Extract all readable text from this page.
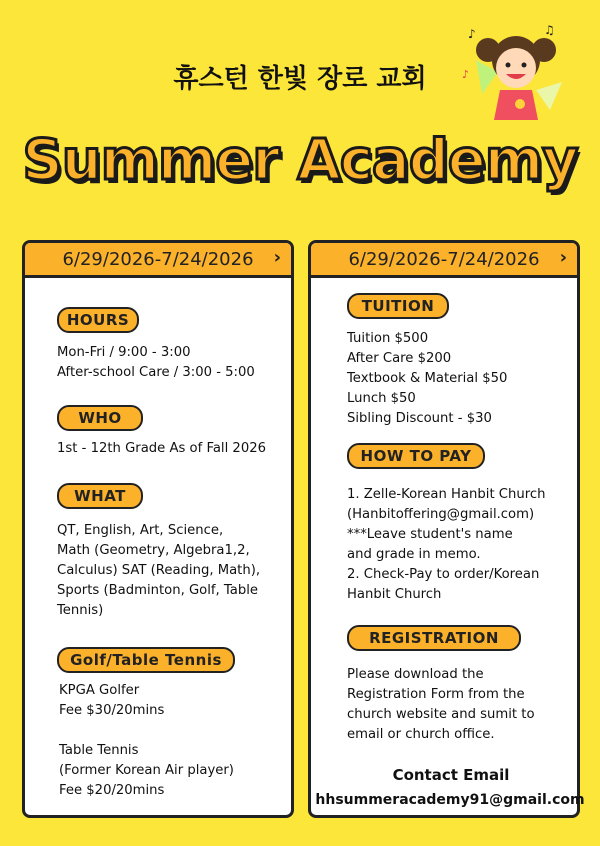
휴스턴 한빛 장로 교회
♪	♫
♪
Summer Academy
6/29/2026-7/24/2026 ›
HOURS
Mon-Fri / 9:00 - 3:00
After-school Care / 3:00 - 5:00
WHO
1st - 12th Grade As of Fall 2026
WHAT
QT, English, Art, Science,
Math (Geometry, Algebra1,2,
Calculus) SAT (Reading, Math),
Sports (Badminton, Golf, Table
Tennis)
Golf/Table Tennis
KPGA Golfer
Fee $30/20mins
Table Tennis
(Former Korean Air player)
Fee $20/20mins
6/29/2026-7/24/2026 ›
TUITION
Tuition $500
After Care $200
Textbook & Material $50
Lunch $50
Sibling Discount - $30
HOW TO PAY
1. Zelle-Korean Hanbit Church
(Hanbitoffering@gmail.com)
***Leave student's name
and grade in memo.
2. Check-Pay to order/Korean
Hanbit Church
REGISTRATION
Please download the
Registration Form from the
church website and sumit to
email or church office.
Contact Email
hhsummeracademy91@gmail.com
